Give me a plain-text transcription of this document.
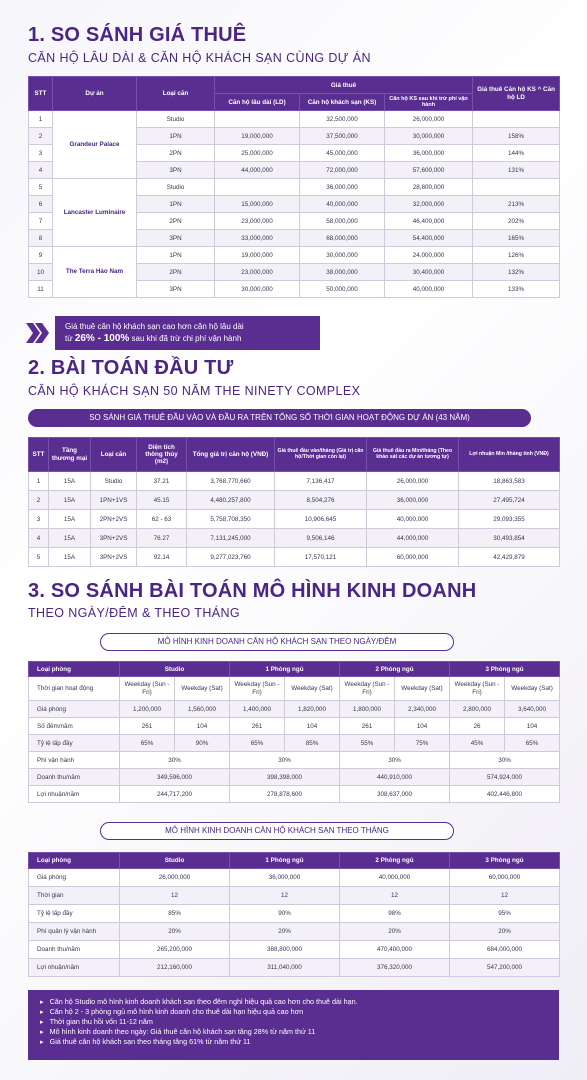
1. SO SÁNH GIÁ THUÊ
CĂN HỘ LÂU DÀI & CĂN HỘ KHÁCH SẠN CÙNG DỰ ÁN
STT	Dự án	Loại căn	Giá thuê			Giá thuê Căn hộ KS ^ Căn hộ LD
			Căn hộ lâu dài (LD)	Căn hộ khách sạn (KS)	Căn hộ KS sau khi trừ phí vận hành	
1	Grandeur Palace	Studio		32,500,000	26,000,000	
2		1PN	19,000,000	37,500,000	30,000,000	158%
3		2PN	25,000,000	45,000,000	36,000,000	144%
4		3PN	44,000,000	72,000,000	57,600,000	131%
5	Lancaster Luminaire	Studio		36,000,000	28,800,000	
6		1PN	15,000,000	40,000,000	32,000,000	213%
7		2PN	23,000,000	58,000,000	46,400,000	202%
8		3PN	33,000,000	68,000,000	54,400,000	165%
9	The Terra Hào Nam	1PN	19,000,000	30,000,000	24,000,000	126%
10		2PN	23,000,000	38,000,000	30,400,000	132%
11		3PN	30,000,000	50,000,000	40,000,000	133%
Giá thuê căn hộ khách sạn cao hơn căn hộ lâu dài
từ 26% - 100% sau khi đã trừ chi phí vận hành
2. BÀI TOÁN ĐẦU TƯ
CĂN HỘ KHÁCH SẠN 50 NĂM THE NINETY COMPLEX
SO SÁNH GIÁ THUÊ ĐẦU VÀO VÀ ĐẦU RA TRÊN TỔNG SỐ THỜI GIAN HOẠT ĐỘNG DỰ ÁN (43 NĂM)
STT	Tầng thương mại	Loại căn	Diện tích thông thủy (m2)	Tổng giá trị căn hộ (VNĐ)	Giá thuê đầu vào/tháng (Giá trị căn hộ/Thời gian còn lại)	Giá thuê đầu ra Min/tháng (Theo khảo sát các dự án tương tự)	Lợi nhuận Min /tháng tính (VNĐ)
1	15A	Studio	37.21	3,768,770,660	7,136,417	26,000,000	18,863,583
2	15A	1PN+1VS	45.15	4,480,257,800	8,504,276	36,000,000	27,495,724
3	15A	2PN+2VS	62 - 63	5,758,708,350	10,906,645	40,000,000	29,093,355
4	15A	3PN+2VS	76.27	7,131,245,000	9,506,146	44,000,000	30,493,854
5	15A	3PN+2VS	92.14	9,277,023,760	17,570,121	60,000,000	42,429,879
3. SO SÁNH BÀI TOÁN MÔ HÌNH KINH DOANH
THEO NGÀY/ĐÊM & THEO THÁNG
MÔ HÌNH KINH DOANH CĂN HỘ KHÁCH SẠN THEO NGÀY/ĐÊM
Loại phòng	Studio		1 Phòng ngủ		2 Phòng ngủ		3 Phòng ngủ	
Thời gian hoạt động	Weekday (Sun - Fri)	Weekday (Sat)	Weekday (Sun - Fri)	Weekday (Sat)	Weekday (Sun - Fri)	Weekday (Sat)	Weekday (Sun - Fri)	Weekday (Sat)
Giá phòng	1,200,000	1,560,000	1,400,000	1,820,000	1,800,000	2,340,000	2,800,000	3,640,000
Số đêm/năm	261	104	261	104	261	104	26	104
Tỷ lệ lấp đầy	65%	90%	65%	85%	55%	75%	45%	65%
Phí vận hành	30%		30%		30%		30%	
Doanh thu/năm	349,596,000		398,398,000		440,910,000		574,924,000	
Lợi nhuận/năm	244,717,200		278,878,600		308,637,000		402,446,800	
MÔ HÌNH KINH DOANH CĂN HỘ KHÁCH SẠN THEO THÁNG
Loại phòng	Studio	1 Phòng ngủ	2 Phòng ngủ	3 Phòng ngủ
Giá phòng	26,000,000	36,000,000	40,000,000	60,000,000
Thời gian	12	12	12	12
Tỷ lệ lấp đầy	85%	90%	98%	95%
Phí quản lý vận hành	20%	20%	20%	20%
Doanh thu/năm	265,200,000	388,800,000	470,400,000	684,000,000
Lợi nhuận/năm	212,160,000	311,040,000	376,320,000	547,200,000
▸ Căn hộ Studio mô hình kinh doanh khách sạn theo đêm nghỉ hiệu quả cao hơn cho thuê dài hạn.
▸ Căn hộ 2 - 3 phòng ngủ mô hình kinh doanh cho thuê dài hạn hiệu quả cao hơn
▸ Thời gian thu hồi vốn 11-12 năm
▸ Mô hình kinh doanh theo ngày: Giá thuê căn hộ khách sạn tăng 28% từ năm thứ 11
▸ Giá thuê căn hộ khách sạn theo tháng tăng 61% từ năm thứ 11
